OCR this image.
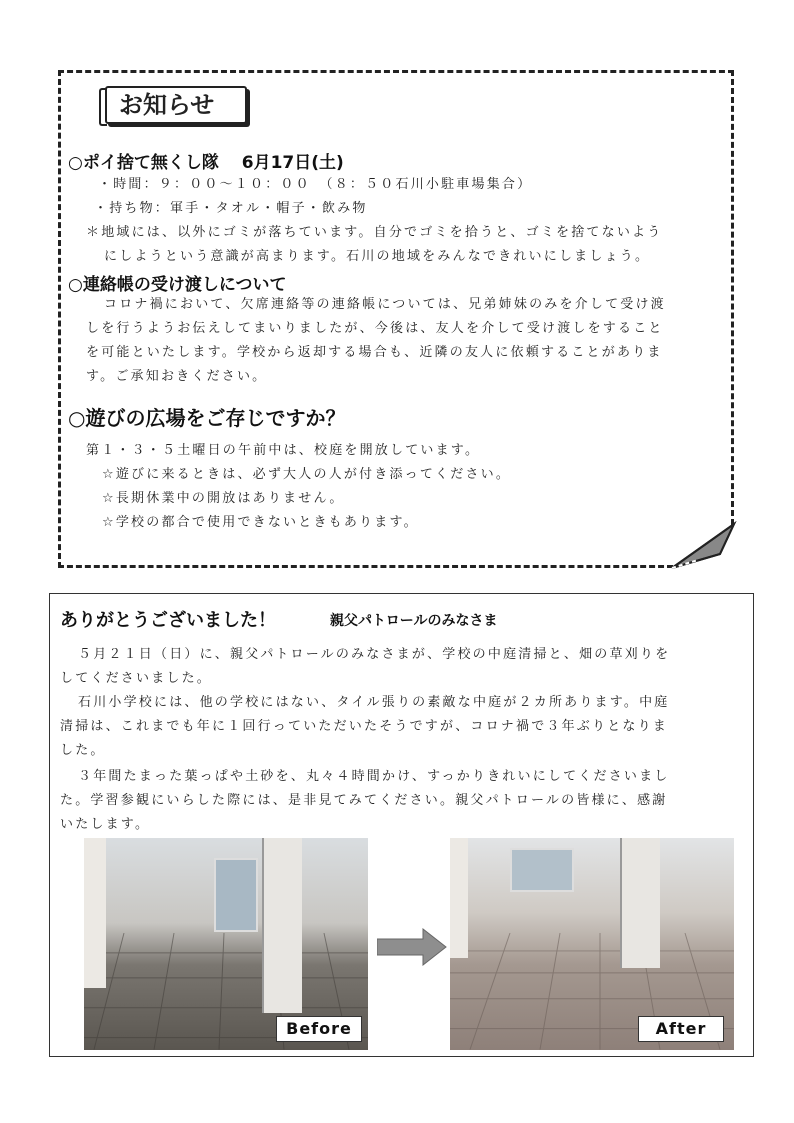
お知らせ
○ポイ捨て無くし隊　 6月17日(土)
・時間：９：００〜１０：００　（８：５０石川小駐車場集合）
・持ち物：軍手・タオル・帽子・飲み物
＊地域には、以外にゴミが落ちています。自分でゴミを拾うと、ゴミを捨てないよう
にしようという意識が高まります。石川の地域をみんなできれいにしましょう。
○連絡帳の受け渡しについて
コロナ禍において、欠席連絡等の連絡帳については、兄弟姉妹のみを介して受け渡
しを行うようお伝えしてまいりましたが、今後は、友人を介して受け渡しをすること
を可能といたします。学校から返却する場合も、近隣の友人に依頼することがありま
す。ご承知おきください。
○遊びの広場をご存じですか？
第１・３・５土曜日の午前中は、校庭を開放しています。
☆遊びに来るときは、必ず大人の人が付き添ってください。
☆長期休業中の開放はありません。
☆学校の都合で使用できないときもあります。
ありがとうございました！	親父パトロールのみなさま
５月２１日（日）に、親父パトロールのみなさまが、学校の中庭清掃と、畑の草刈りを
してくださいました。
石川小学校には、他の学校にはない、タイル張りの素敵な中庭が２カ所あります。中庭
清掃は、これまでも年に１回行っていただいたそうですが、コロナ禍で３年ぶりとなりま
した。
３年間たまった葉っぱや土砂を、丸々４時間かけ、すっかりきれいにしてくださいまし
た。学習参観にいらした際には、是非見てみてください。親父パトロールの皆様に、感謝
いたします。
Before	After
